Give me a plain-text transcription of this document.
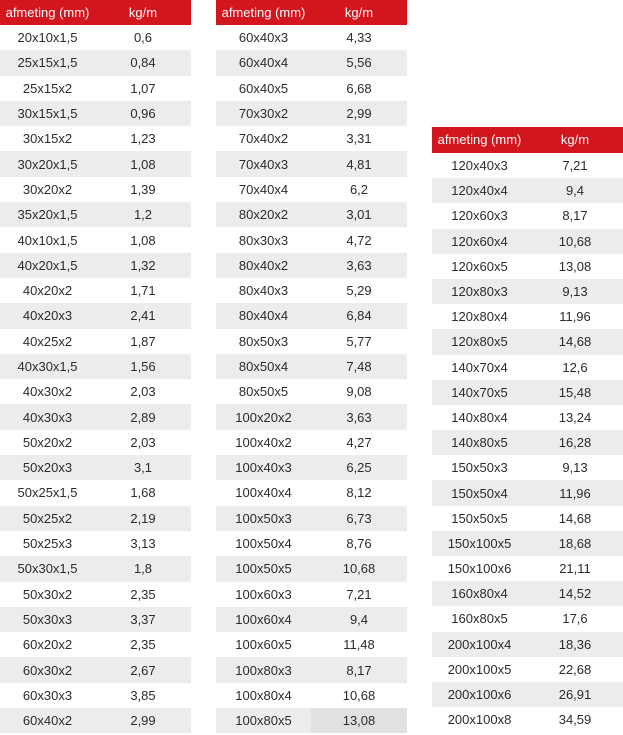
afmeting (mm)	kg/m
20x10x1,5	0,6
25x15x1,5	0,84
25x15x2	1,07
30x15x1,5	0,96
30x15x2	1,23
30x20x1,5	1,08
30x20x2	1,39
35x20x1,5	1,2
40x10x1,5	1,08
40x20x1,5	1,32
40x20x2	1,71
40x20x3	2,41
40x25x2	1,87
40x30x1,5	1,56
40x30x2	2,03
40x30x3	2,89
50x20x2	2,03
50x20x3	3,1
50x25x1,5	1,68
50x25x2	2,19
50x25x3	3,13
50x30x1,5	1,8
50x30x2	2,35
50x30x3	3,37
60x20x2	2,35
60x30x2	2,67
60x30x3	3,85
60x40x2	2,99
afmeting (mm)	kg/m
60x40x3	4,33
60x40x4	5,56
60x40x5	6,68
70x30x2	2,99
70x40x2	3,31
70x40x3	4,81
70x40x4	6,2
80x20x2	3,01
80x30x3	4,72
80x40x2	3,63
80x40x3	5,29
80x40x4	6,84
80x50x3	5,77
80x50x4	7,48
80x50x5	9,08
100x20x2	3,63
100x40x2	4,27
100x40x3	6,25
100x40x4	8,12
100x50x3	6,73
100x50x4	8,76
100x50x5	10,68
100x60x3	7,21
100x60x4	9,4
100x60x5	11,48
100x80x3	8,17
100x80x4	10,68
100x80x5	13,08
afmeting (mm)	kg/m
120x40x3	7,21
120x40x4	9,4
120x60x3	8,17
120x60x4	10,68
120x60x5	13,08
120x80x3	9,13
120x80x4	11,96
120x80x5	14,68
140x70x4	12,6
140x70x5	15,48
140x80x4	13,24
140x80x5	16,28
150x50x3	9,13
150x50x4	11,96
150x50x5	14,68
150x100x5	18,68
150x100x6	21,11
160x80x4	14,52
160x80x5	17,6
200x100x4	18,36
200x100x5	22,68
200x100x6	26,91
200x100x8	34,59
